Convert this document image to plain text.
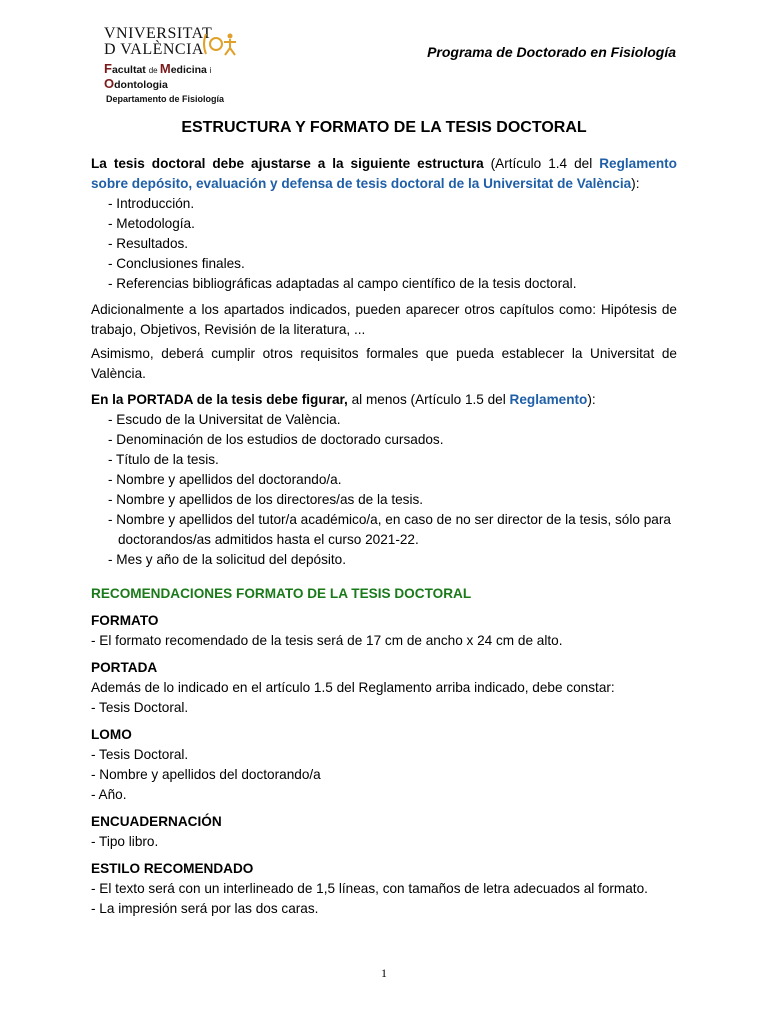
VNIVERSITAT
D VALÈNCIA
Facultat de Medicina i Odontologia
Departamento de Fisiología
Programa de Doctorado en Fisiología
ESTRUCTURA Y FORMATO DE LA TESIS DOCTORAL

La tesis doctoral debe ajustarse a la siguiente estructura (Artículo 1.4 del Reglamento sobre depósito, evaluación y defensa de tesis doctoral de la Universitat de València):

- Introducción.
- Metodología.
- Resultados.
- Conclusiones finales.
- Referencias bibliográficas adaptadas al campo científico de la tesis doctoral.

Adicionalmente a los apartados indicados, pueden aparecer otros capítulos como: Hipótesis de trabajo, Objetivos, Revisión de la literatura, ...

Asimismo, deberá cumplir otros requisitos formales que pueda establecer la Universitat de València.

En la PORTADA de la tesis debe figurar, al menos (Artículo 1.5 del Reglamento):

- Escudo de la Universitat de València.
- Denominación de los estudios de doctorado cursados.
- Título de la tesis.
- Nombre y apellidos del doctorando/a.
- Nombre y apellidos de los directores/as de la tesis.
- Nombre y apellidos del tutor/a académico/a, en caso de no ser director de la tesis, sólo para doctorandos/as admitidos hasta el curso 2021-22.
- Mes y año de la solicitud del depósito.
RECOMENDACIONES FORMATO DE LA TESIS DOCTORAL
FORMATO
- El formato recomendado de la tesis será de 17 cm de ancho x 24 cm de alto.
PORTADA
Además de lo indicado en el artículo 1.5 del Reglamento arriba indicado, debe constar:
- Tesis Doctoral.
LOMO
- Tesis Doctoral.
- Nombre y apellidos del doctorando/a
- Año.
ENCUADERNACIÓN
- Tipo libro.
ESTILO RECOMENDADO
- El texto será con un interlineado de 1,5 líneas, con tamaños de letra adecuados al formato.
- La impresión será por las dos caras.
1
